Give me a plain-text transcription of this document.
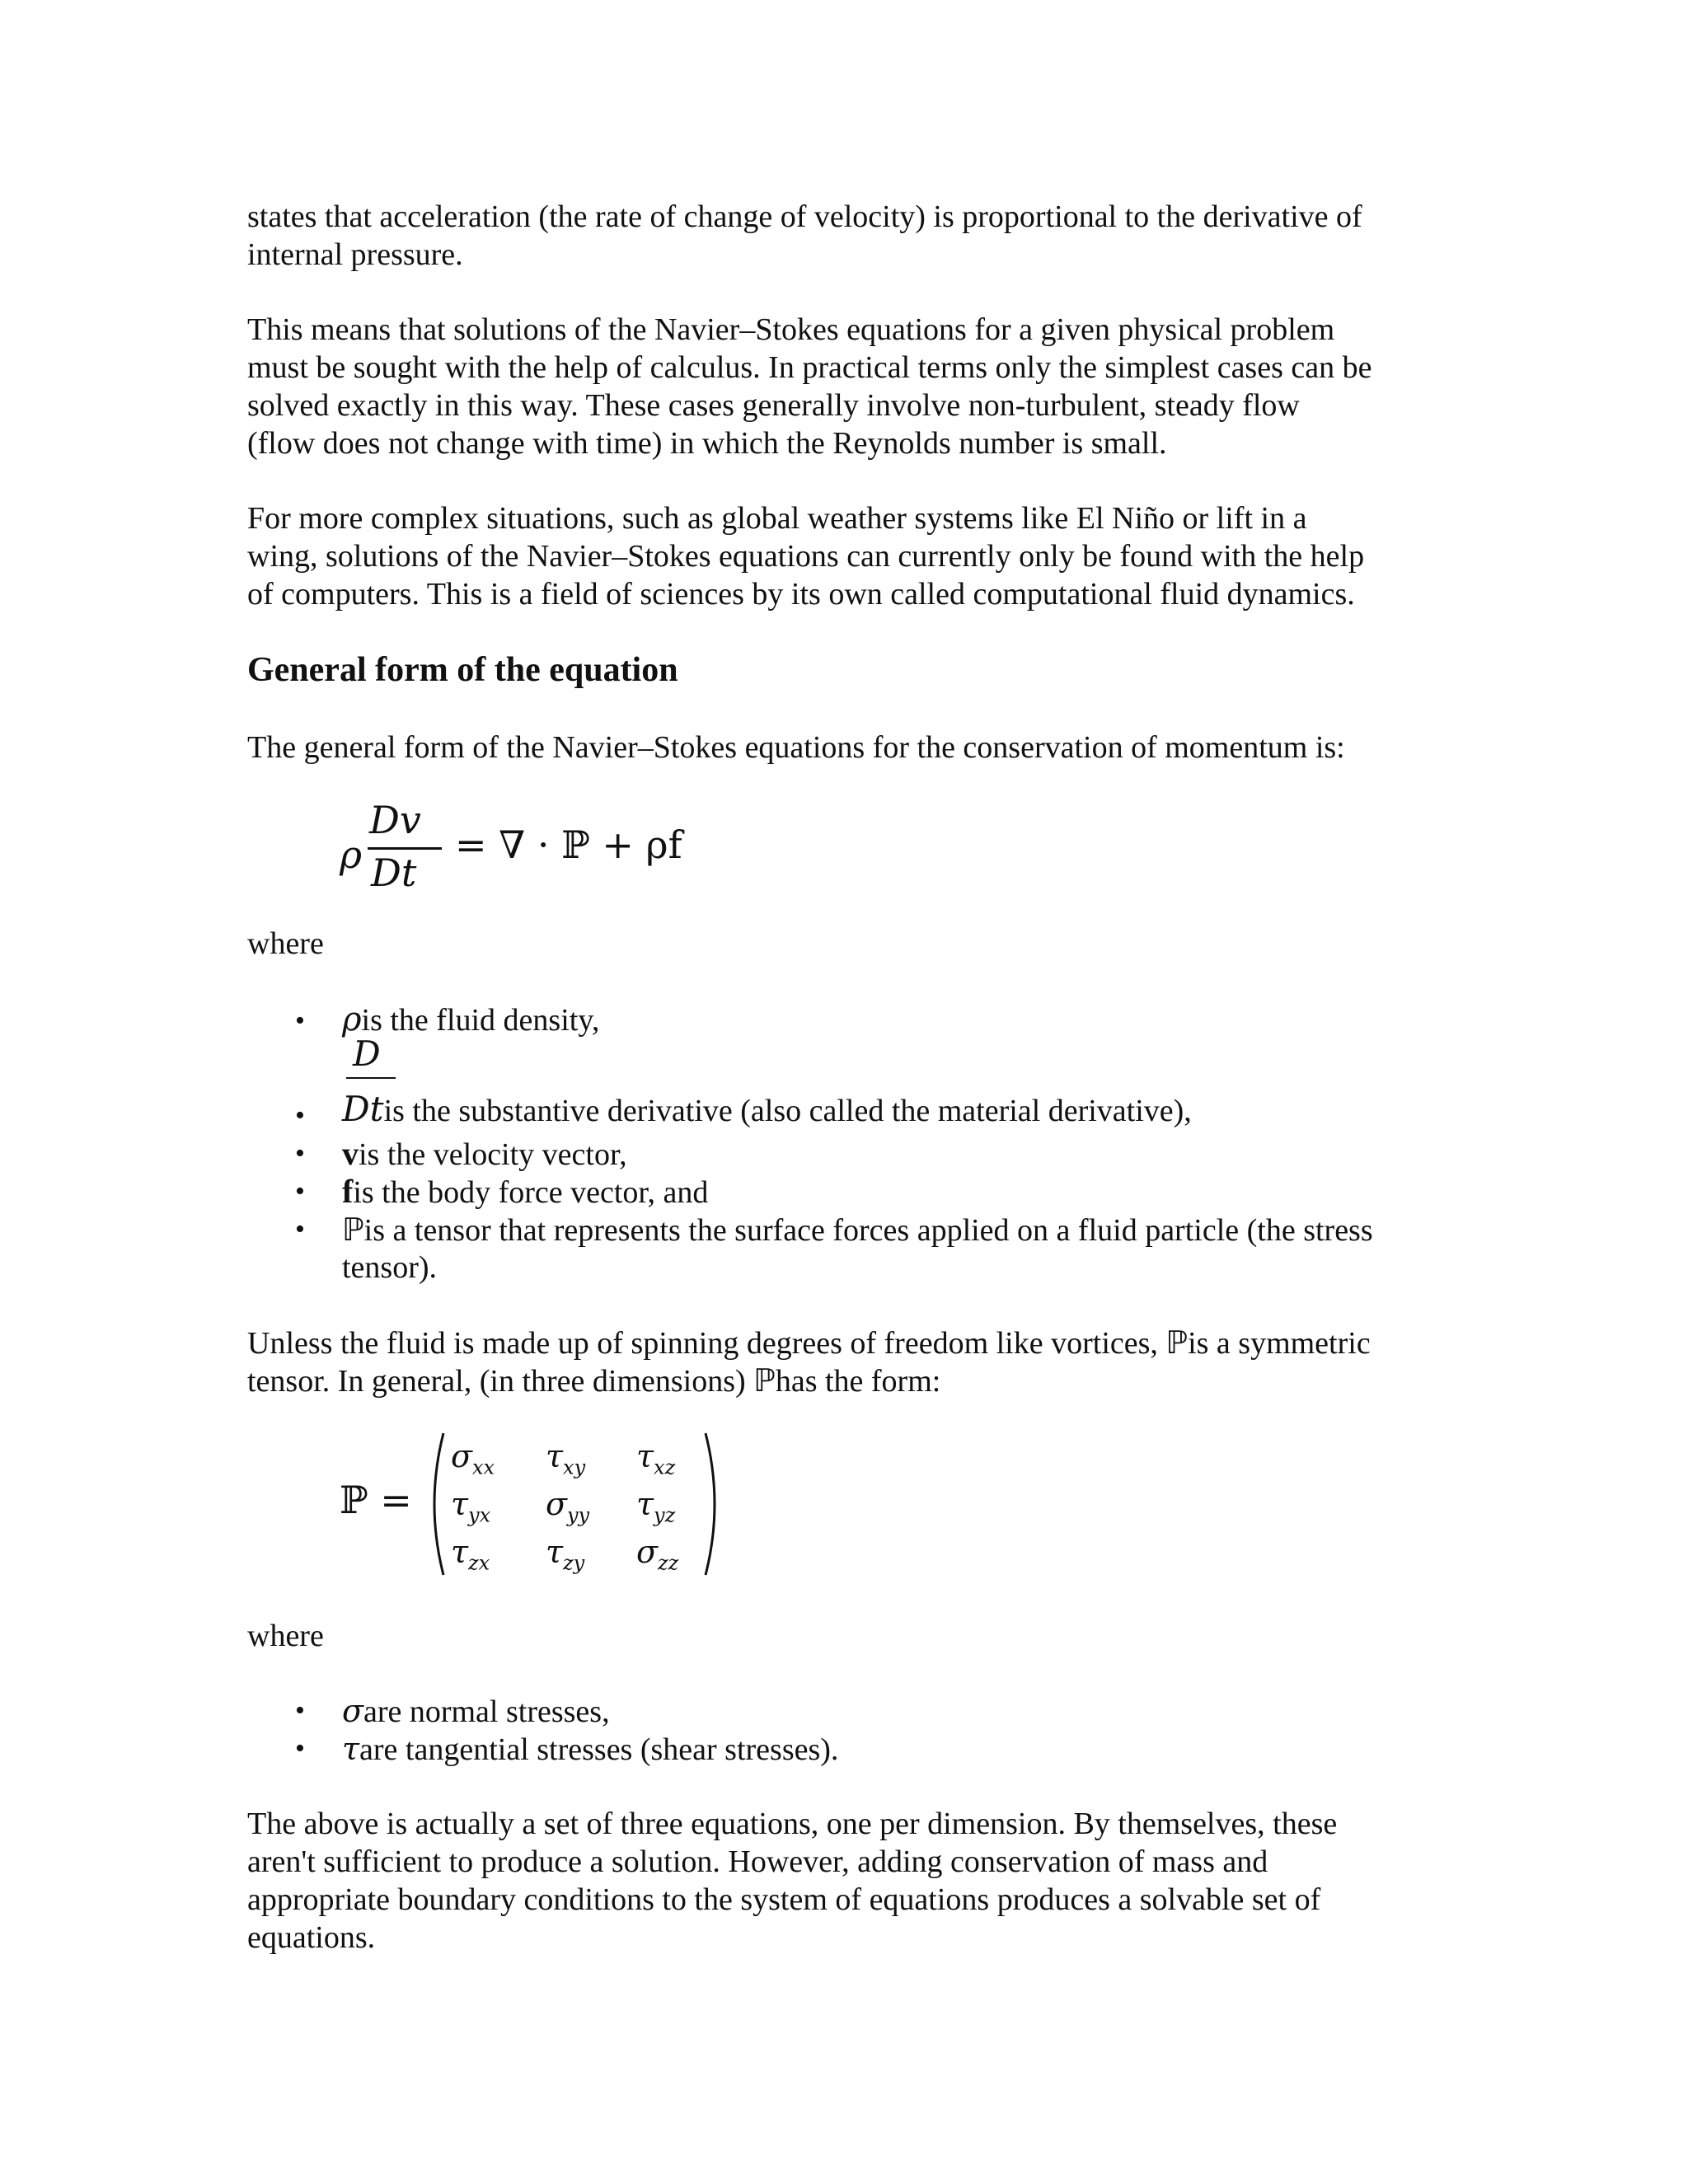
states that acceleration (the rate of change of velocity) is proportional to the derivative of

internal pressure.

This means that solutions of the Navier–Stokes equations for a given physical problem

must be sought with the help of calculus. In practical terms only the simplest cases can be

solved exactly in this way. These cases generally involve non-turbulent, steady flow

(flow does not change with time) in which the Reynolds number is small.

For more complex situations, such as global weather systems like El Niño or lift in a

wing, solutions of the Navier–Stokes equations can currently only be found with the help

of computers. This is a field of sciences by its own called computational fluid dynamics.

General form of the equation

The general form of the Navier–Stokes equations for the conservation of momentum is:

ρ
Dv
Dt
= ∇ · ℙ + ρf

where

• ρis the fluid density,

D
• Dtis the substantive derivative (also called the material derivative),

• vis the velocity vector,

• fis the body force vector, and

• ℙis a tensor that represents the surface forces applied on a fluid particle (the stress

tensor).

Unless the fluid is made up of spinning degrees of freedom like vortices, ℙis a symmetric

tensor. In general, (in three dimensions) ℙhas the form:

ℙ =
$\sigma_{xx}$ $\tau_{xy}$ $\tau_{xz}$
$\tau_{yx}$ $\sigma_{yy}$ $\tau_{yz}$
$\tau_{zx}$ $\tau_{zy}$ $\sigma_{zz}$

where

• σare normal stresses,

• τare tangential stresses (shear stresses).

The above is actually a set of three equations, one per dimension. By themselves, these

aren't sufficient to produce a solution. However, adding conservation of mass and

appropriate boundary conditions to the system of equations produces a solvable set of

equations.
